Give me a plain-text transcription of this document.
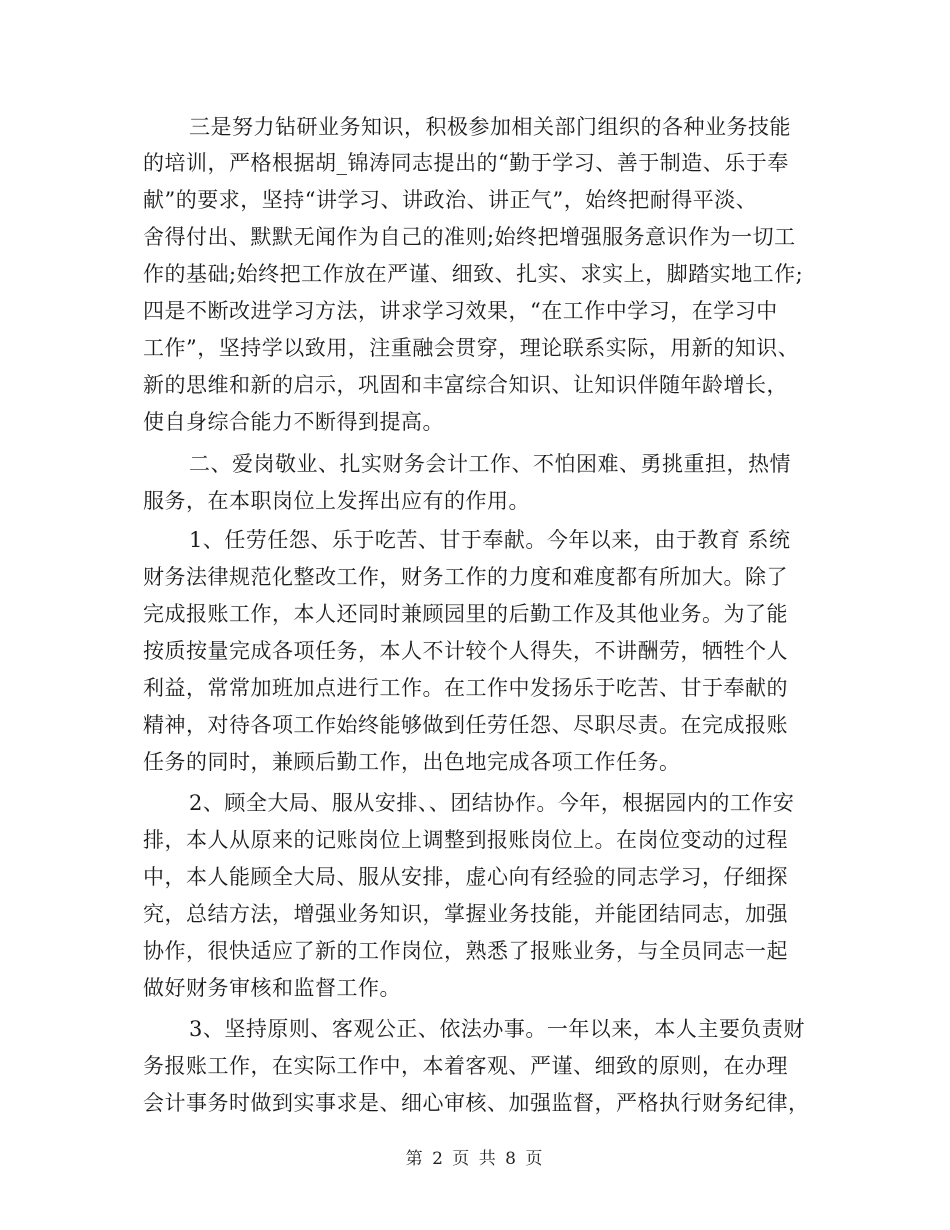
三是努力钻研业务知识，积极参加相关部门组织的各种业务技能
的培训，严格根据胡_锦涛同志提出的“勤于学习、善于制造、乐于奉
献”的要求，坚持“讲学习、讲政治、讲正气”，始终把耐得平淡、
舍得付出、默默无闻作为自己的准则;始终把增强服务意识作为一切工
作的基础;始终把工作放在严谨、细致、扎实、求实上，脚踏实地工作;
四是不断改进学习方法，讲求学习效果，“在工作中学习，在学习中
工作”，坚持学以致用，注重融会贯穿，理论联系实际，用新的知识、
新的思维和新的启示，巩固和丰富综合知识、让知识伴随年龄增长，
使自身综合能力不断得到提高。
二、爱岗敬业、扎实财务会计工作、不怕困难、勇挑重担，热情
服务，在本职岗位上发挥出应有的作用。
1、任劳任怨、乐于吃苦、甘于奉献。今年以来，由于教育 系统
财务法律规范化整改工作，财务工作的力度和难度都有所加大。除了
完成报账工作，本人还同时兼顾园里的后勤工作及其他业务。为了能
按质按量完成各项任务，本人不计较个人得失，不讲酬劳，牺牲个人
利益，常常加班加点进行工作。在工作中发扬乐于吃苦、甘于奉献的
精神，对待各项工作始终能够做到任劳任怨、尽职尽责。在完成报账
任务的同时，兼顾后勤工作，出色地完成各项工作任务。
2、顾全大局、服从安排、、团结协作。今年，根据园内的工作安
排，本人从原来的记账岗位上调整到报账岗位上。在岗位变动的过程
中，本人能顾全大局、服从安排，虚心向有经验的同志学习，仔细探
究，总结方法，增强业务知识，掌握业务技能，并能团结同志，加强
协作，很快适应了新的工作岗位，熟悉了报账业务，与全员同志一起
做好财务审核和监督工作。
3、坚持原则、客观公正、依法办事。一年以来，本人主要负责财
务报账工作，在实际工作中，本着客观、严谨、细致的原则，在办理
会计事务时做到实事求是、细心审核、加强监督，严格执行财务纪律，
第 2 页 共 8 页
